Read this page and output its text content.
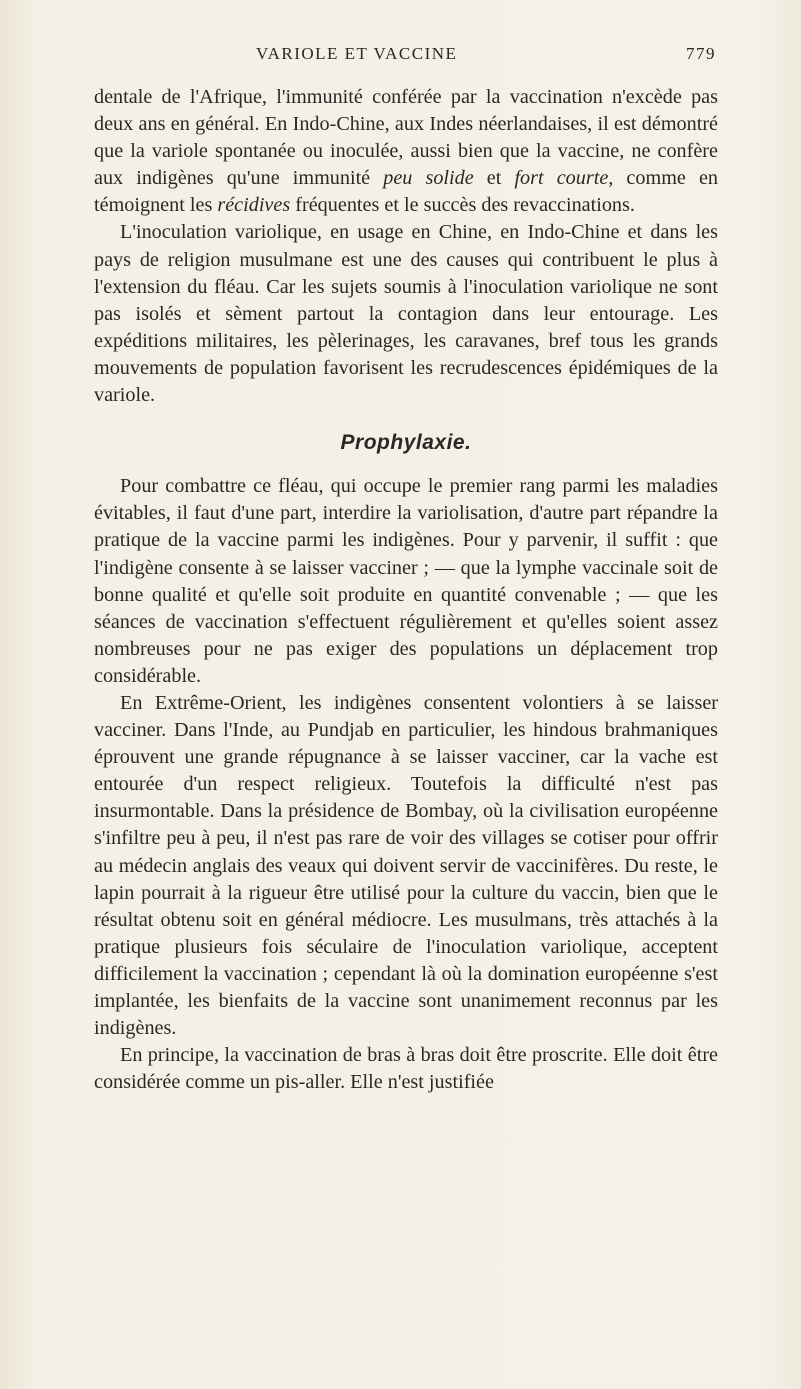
VARIOLE ET VACCINE	779

dentale de l'Afrique, l'immunité conférée par la vaccination n'excède pas deux ans en général. En Indo-Chine, aux Indes néerlandaises, il est démontré que la variole spontanée ou inoculée, aussi bien que la vaccine, ne confère aux indigènes qu'une immunité peu solide et fort courte, comme en témoignent les récidives fréquentes et le succès des revaccinations.

L'inoculation variolique, en usage en Chine, en Indo-Chine et dans les pays de religion musulmane est une des causes qui contribuent le plus à l'extension du fléau. Car les sujets soumis à l'inoculation variolique ne sont pas isolés et sèment partout la contagion dans leur entourage. Les expéditions militaires, les pèlerinages, les caravanes, bref tous les grands mouvements de population favorisent les recrudescences épidémiques de la variole.

Prophylaxie.

Pour combattre ce fléau, qui occupe le premier rang parmi les maladies évitables, il faut d'une part, interdire la variolisation, d'autre part répandre la pratique de la vaccine parmi les indigènes. Pour y parvenir, il suffit : que l'indigène consente à se laisser vacciner ; — que la lymphe vaccinale soit de bonne qualité et qu'elle soit produite en quantité convenable ; — que les séances de vaccination s'effectuent régulièrement et qu'elles soient assez nombreuses pour ne pas exiger des populations un déplacement trop considérable.

En Extrême-Orient, les indigènes consentent volontiers à se laisser vacciner. Dans l'Inde, au Pundjab en particulier, les hindous brahmaniques éprouvent une grande répugnance à se laisser vacciner, car la vache est entourée d'un respect religieux. Toutefois la difficulté n'est pas insurmontable. Dans la présidence de Bombay, où la civilisation européenne s'infiltre peu à peu, il n'est pas rare de voir des villages se cotiser pour offrir au médecin anglais des veaux qui doivent servir de vaccinifères. Du reste, le lapin pourrait à la rigueur être utilisé pour la culture du vaccin, bien que le résultat obtenu soit en général médiocre. Les musulmans, très attachés à la pratique plusieurs fois séculaire de l'inoculation variolique, acceptent difficilement la vaccination ; cependant là où la domination européenne s'est implantée, les bienfaits de la vaccine sont unanimement reconnus par les indigènes.

En principe, la vaccination de bras à bras doit être proscrite. Elle doit être considérée comme un pis-aller. Elle n'est justifiée
